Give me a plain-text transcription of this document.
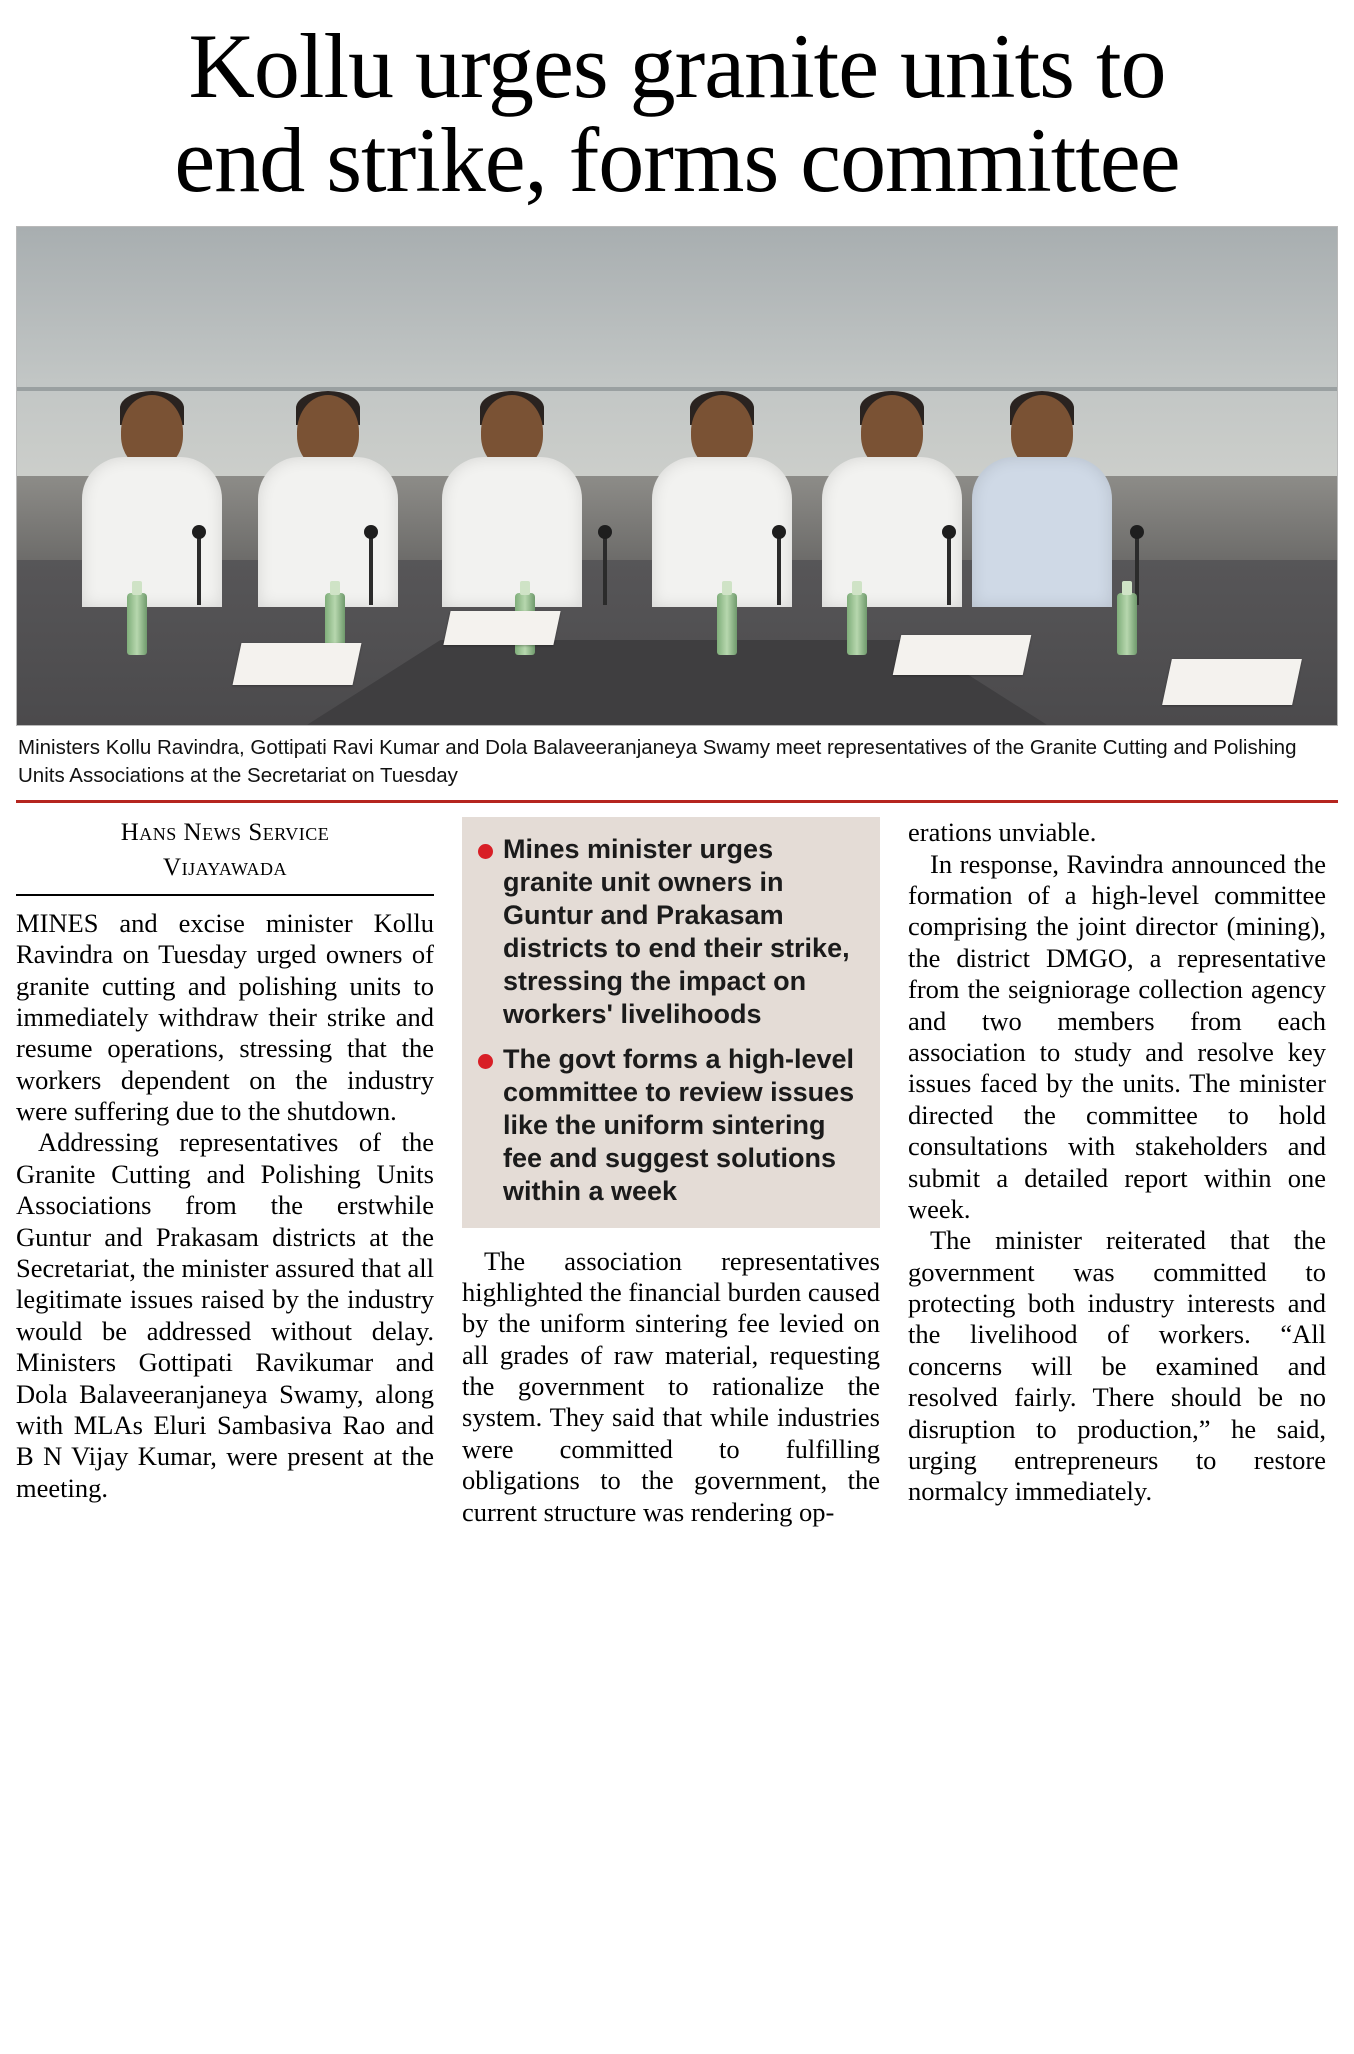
Kollu urges granite units to
end strike, forms committee
Ministers Kollu Ravindra, Gottipati Ravi Kumar and Dola Balaveeranjaneya Swamy meet representatives of the Granite Cutting and Polishing Units Associations at the Secretariat on Tuesday
Hans News Service
Vijayawada

MINES and excise minister Kollu Ravindra on Tuesday urged owners of granite cutting and polishing units to immediately withdraw their strike and resume operations, stressing that the workers dependent on the industry were suffering due to the shutdown.

Addressing representatives of the Granite Cutting and Polishing Units Associations from the erstwhile Guntur and Prakasam districts at the Secretariat, the minister assured that all legitimate issues raised by the industry would be addressed without delay. Ministers Gottipati Ravikumar and Dola Balaveeranjaneya Swamy, along with MLAs Eluri Sambasiva Rao and B N Vijay Kumar, were present at the meeting.

Mines minister urges granite unit owners in Guntur and Prakasam districts to end their strike, stressing the impact on workers' livelihoods
The govt forms a high-level committee to review issues like the uniform sintering fee and suggest solutions within a week

The association representatives highlighted the financial burden caused by the uniform sintering fee levied on all grades of raw material, requesting the government to rationalize the system. They said that while industries were committed to fulfilling obligations to the government, the current structure was rendering op-

erations unviable.

In response, Ravindra announced the formation of a high-level committee comprising the joint director (mining), the district DMGO, a representative from the seigniorage collection agency and two members from each association to study and resolve key issues faced by the units. The minister directed the committee to hold consultations with stakeholders and submit a detailed report within one week.

The minister reiterated that the government was committed to protecting both industry interests and the livelihood of workers. “All concerns will be examined and resolved fairly. There should be no disruption to production,” he said, urging entrepreneurs to restore normalcy immediately.
